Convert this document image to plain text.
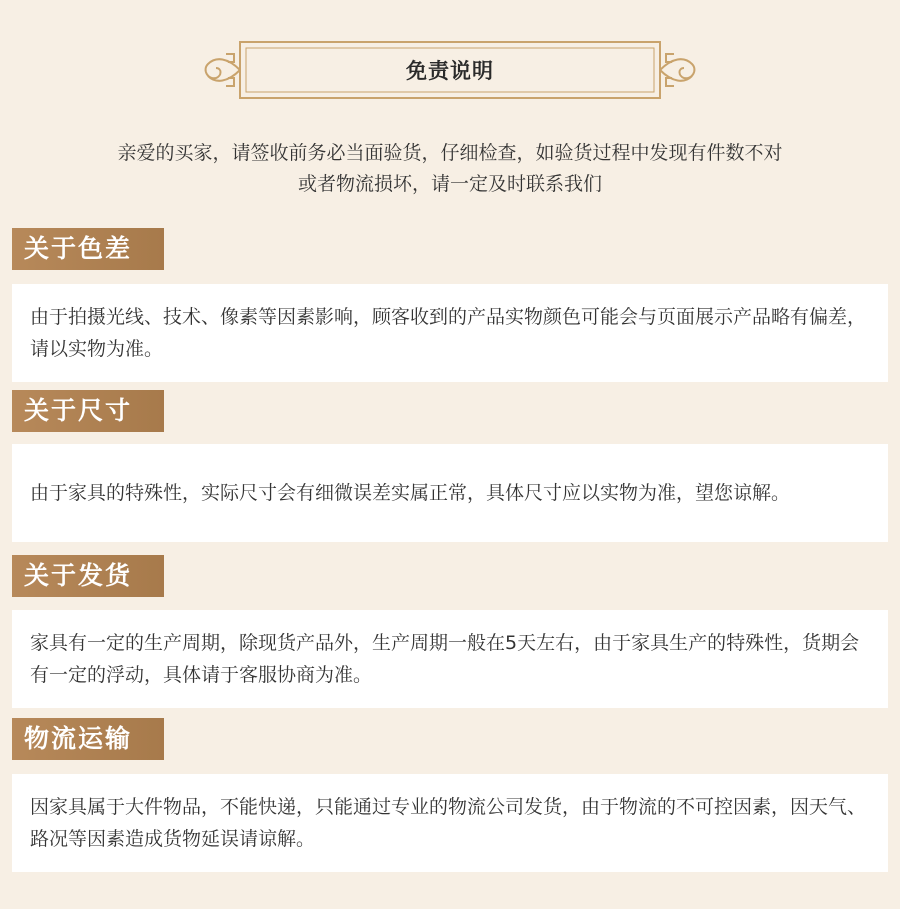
免责说明
亲爱的买家，请签收前务必当面验货，仔细检查，如验货过程中发现有件数不对
或者物流损坏，请一定及时联系我们
关于色差

由于拍摄光线、技术、像素等因素影响，顾客收到的产品实物颜色可能会与页面展示产品略有偏差，请以实物为准。

关于尺寸

由于家具的特殊性，实际尺寸会有细微误差实属正常，具体尺寸应以实物为准，望您谅解。

关于发货

家具有一定的生产周期，除现货产品外，生产周期一般在5天左右，由于家具生产的特殊性，货期会有一定的浮动，具体请于客服协商为准。

物流运输

因家具属于大件物品，不能快递，只能通过专业的物流公司发货，由于物流的不可控因素，因天气、路况等因素造成货物延误请谅解。
